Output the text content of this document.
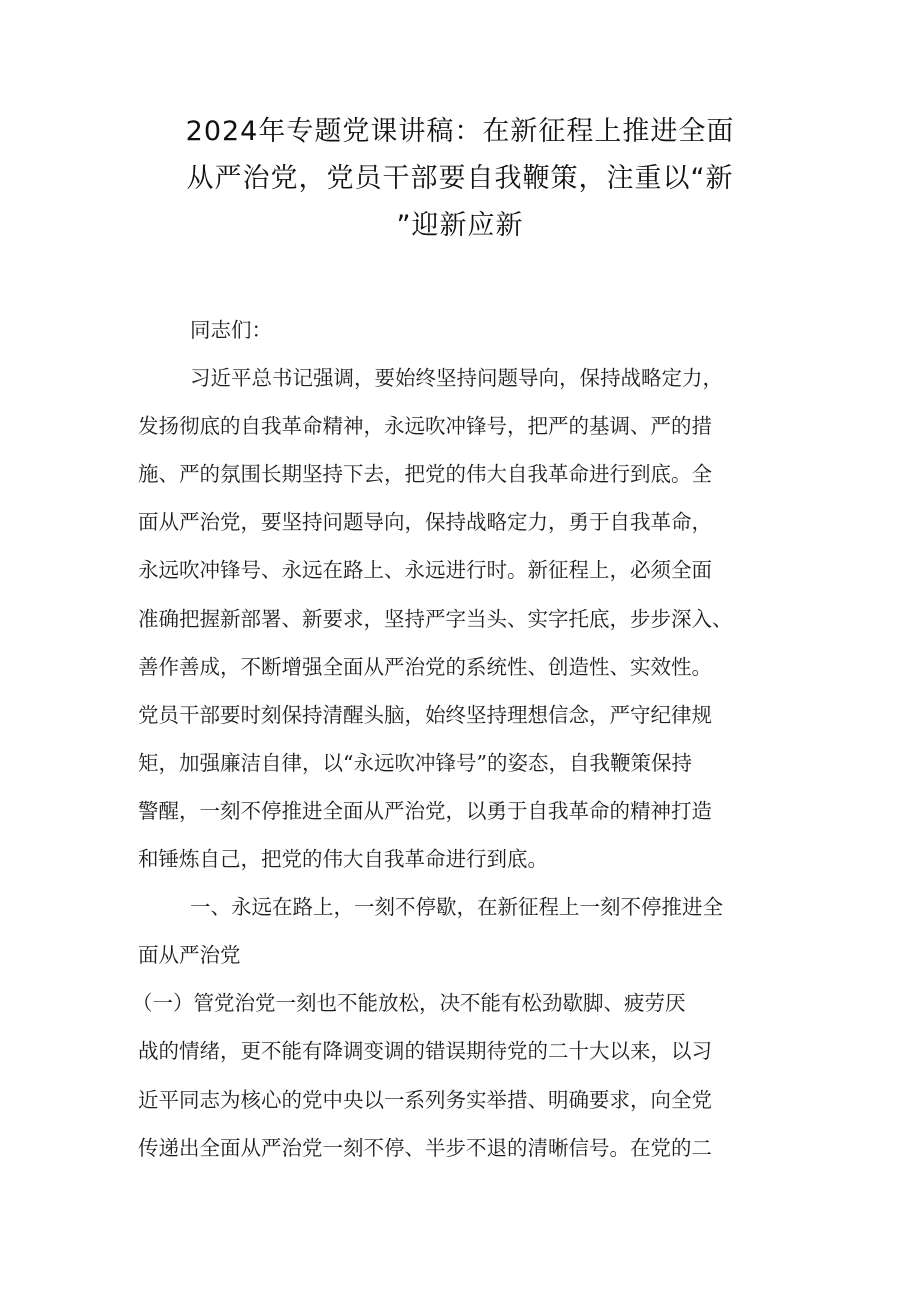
2024年专题党课讲稿：在新征程上推进全面
从严治党，党员干部要自我鞭策，注重以“新
”迎新应新
同志们：
习近平总书记强调，要始终坚持问题导向，保持战略定力，
发扬彻底的自我革命精神，永远吹冲锋号，把严的基调、严的措
施、严的氛围长期坚持下去，把党的伟大自我革命进行到底。全
面从严治党，要坚持问题导向，保持战略定力，勇于自我革命，
永远吹冲锋号、永远在路上、永远进行时。新征程上，必须全面
准确把握新部署、新要求，坚持严字当头、实字托底，步步深入、
善作善成，不断增强全面从严治党的系统性、创造性、实效性。
党员干部要时刻保持清醒头脑，始终坚持理想信念，严守纪律规
矩，加强廉洁自律，以“永远吹冲锋号”的姿态，自我鞭策保持
警醒，一刻不停推进全面从严治党，以勇于自我革命的精神打造
和锤炼自己，把党的伟大自我革命进行到底。
一、永远在路上，一刻不停歇，在新征程上一刻不停推进全
面从严治党
（一）管党治党一刻也不能放松，决不能有松劲歇脚、疲劳厌
战的情绪，更不能有降调变调的错误期待党的二十大以来，以习
近平同志为核心的党中央以一系列务实举措、明确要求，向全党
传递出全面从严治党一刻不停、半步不退的清晰信号。在党的二
